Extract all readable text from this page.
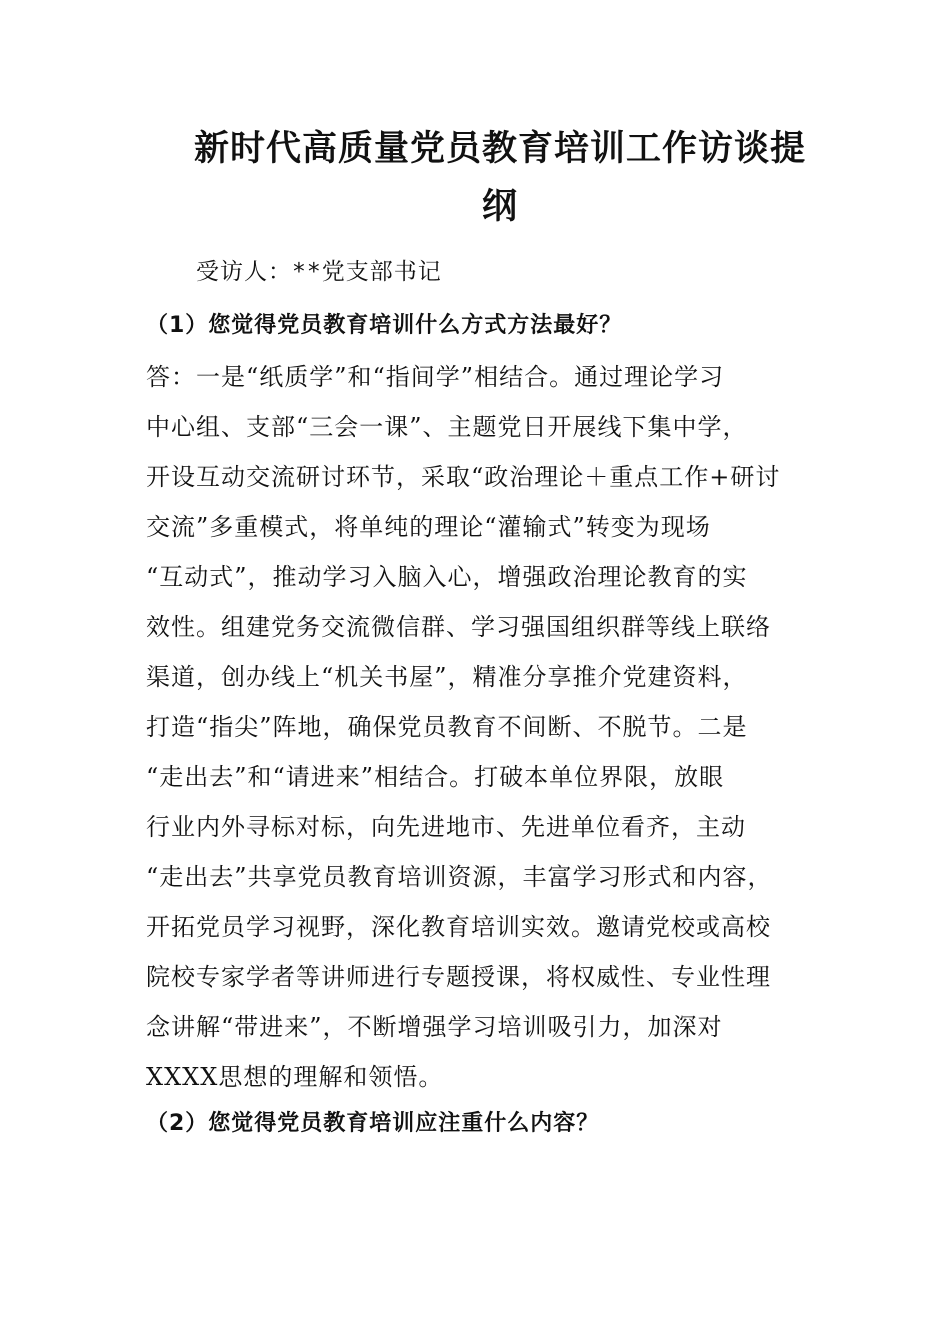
新时代高质量党员教育培训工作访谈提
纲
受访人：**党支部书记
（1）您觉得党员教育培训什么方式方法最好？
答：一是“纸质学”和“指间学”相结合。通过理论学习
中心组、支部“三会一课”、主题党日开展线下集中学，
开设互动交流研讨环节，采取“政治理论＋重点工作+研讨
交流”多重模式，将单纯的理论“灌输式”转变为现场
“互动式”，推动学习入脑入心，增强政治理论教育的实
效性。组建党务交流微信群、学习强国组织群等线上联络
渠道，创办线上“机关书屋”，精准分享推介党建资料，
打造“指尖”阵地，确保党员教育不间断、不脱节。二是
“走出去”和“请进来”相结合。打破本单位界限，放眼
行业内外寻标对标，向先进地市、先进单位看齐，主动
“走出去”共享党员教育培训资源，丰富学习形式和内容，
开拓党员学习视野，深化教育培训实效。邀请党校或高校
院校专家学者等讲师进行专题授课，将权威性、专业性理
念讲解“带进来”，不断增强学习培训吸引力，加深对
XXXX思想的理解和领悟。
（2）您觉得党员教育培训应注重什么内容？
